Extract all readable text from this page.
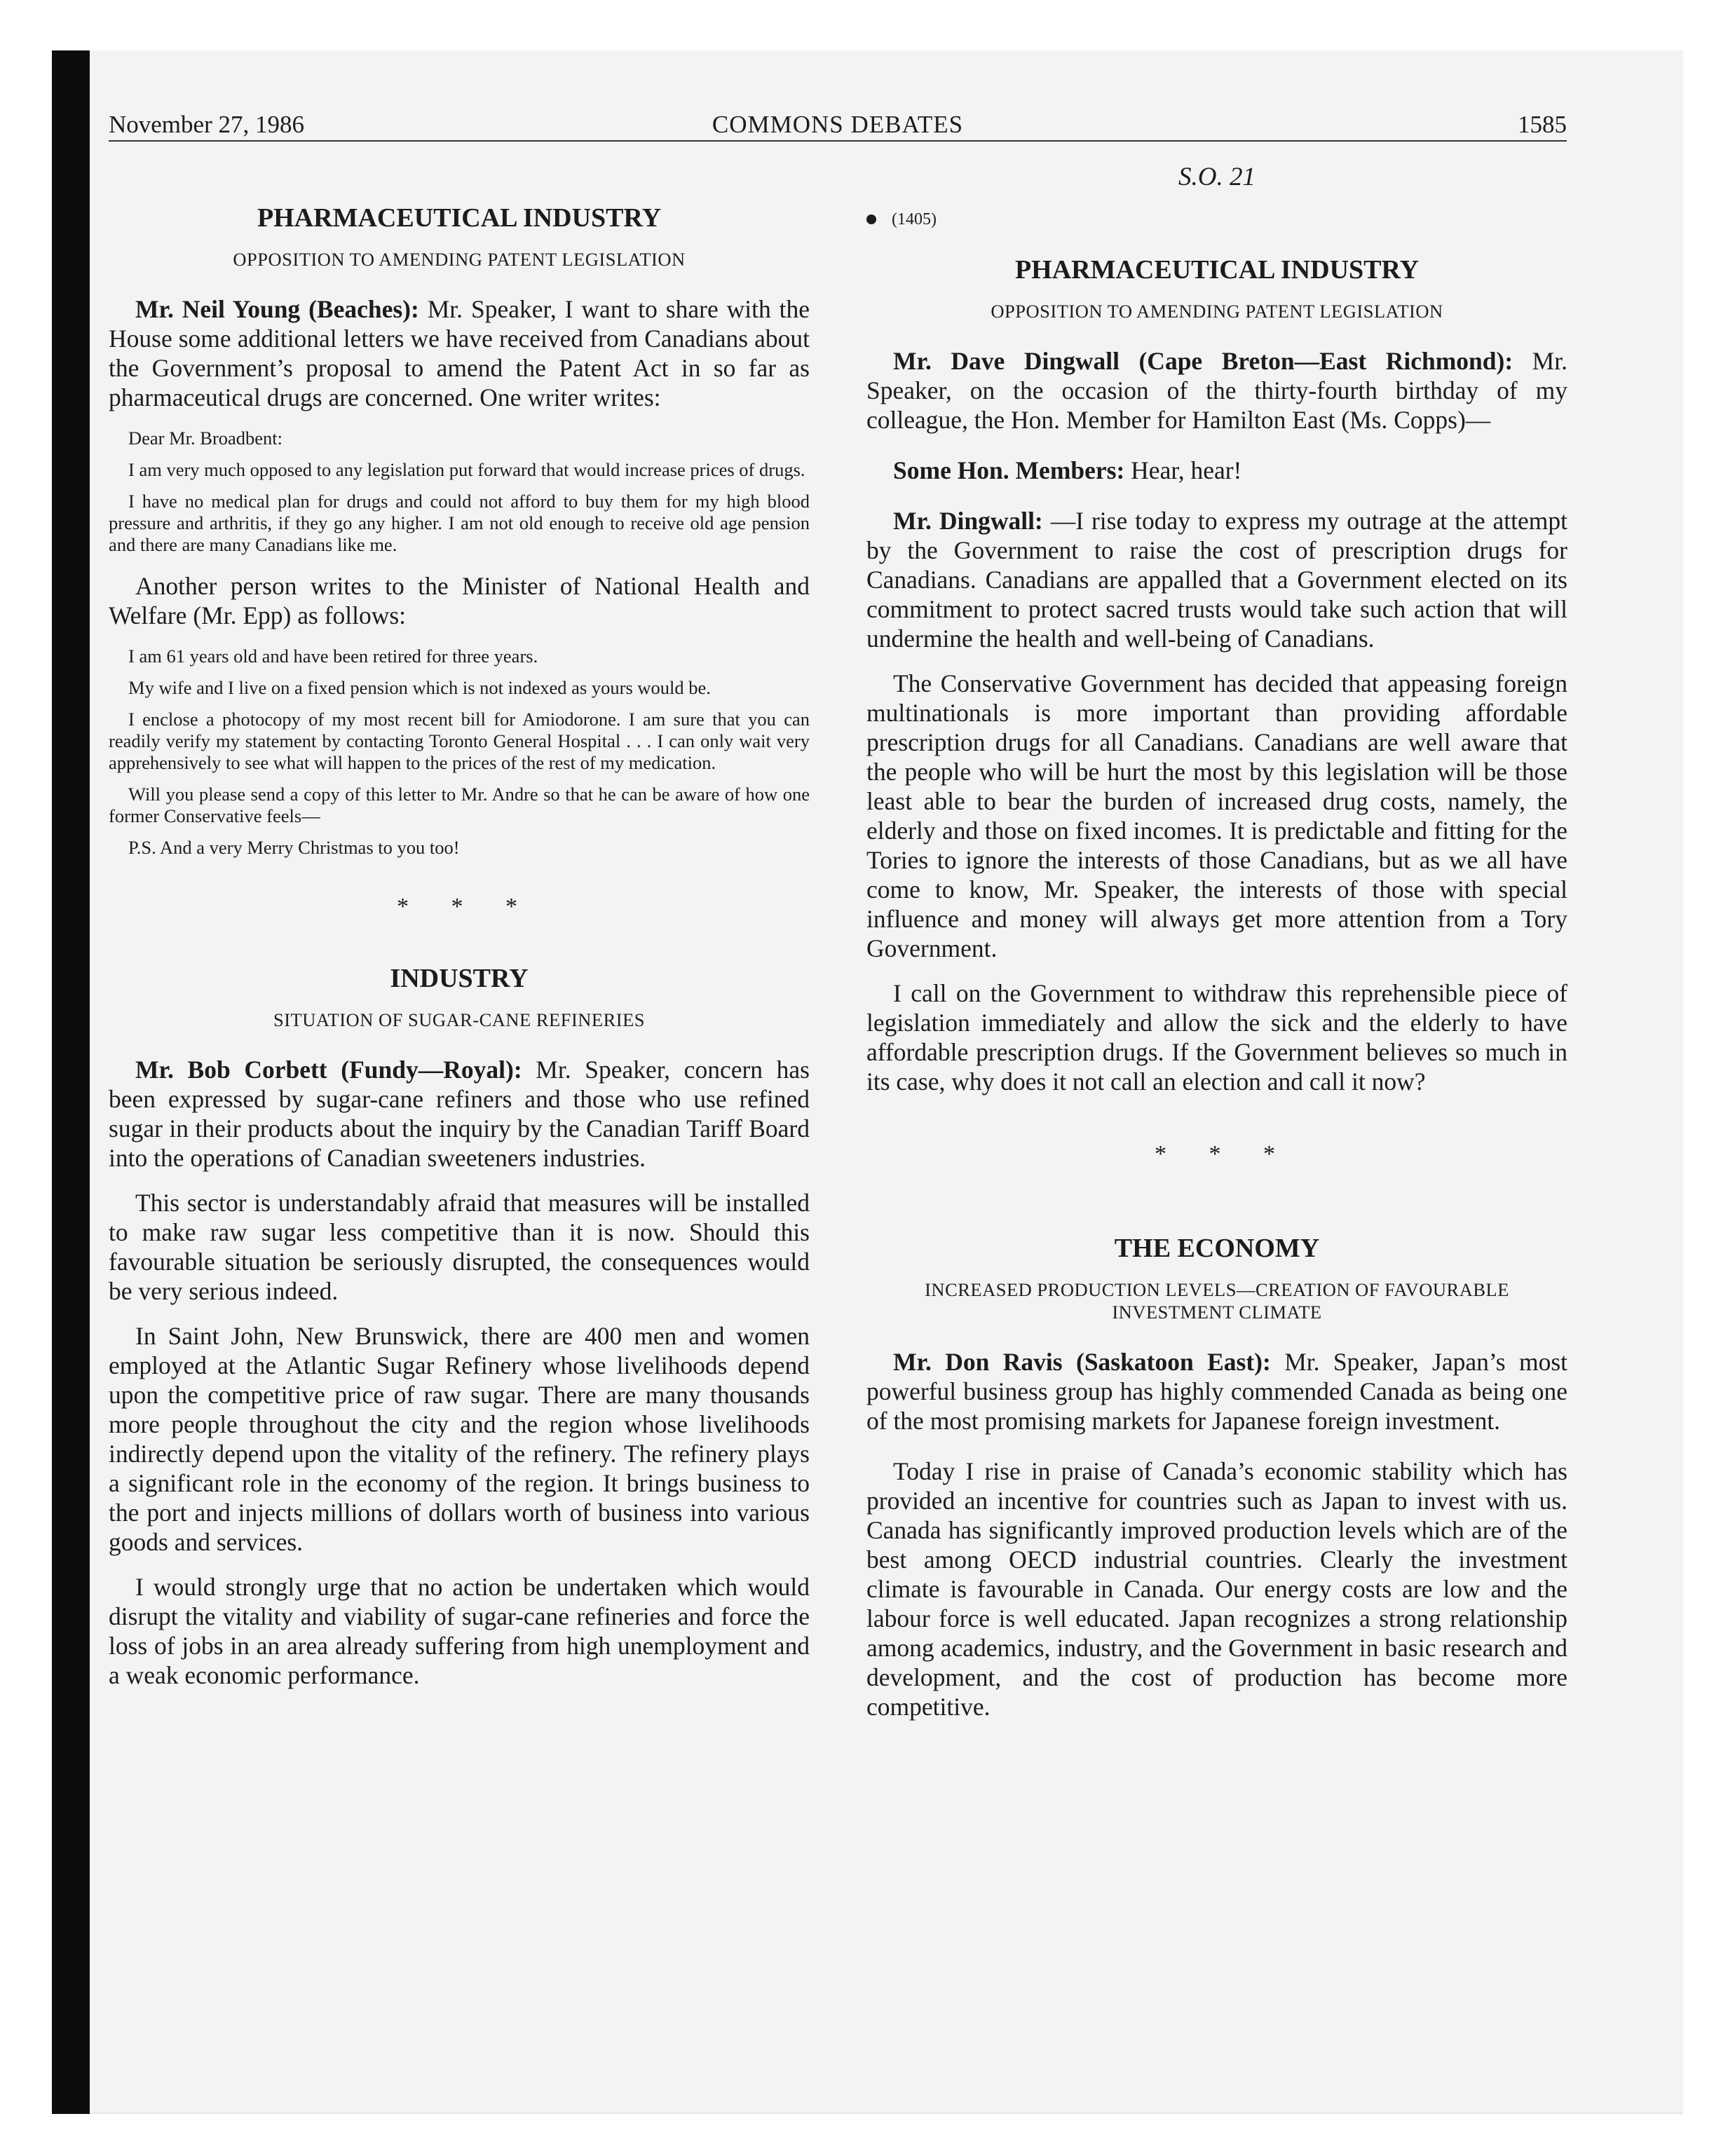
November 27, 1986	COMMONS DEBATES	1585
PHARMACEUTICAL INDUSTRY
OPPOSITION TO AMENDING PATENT LEGISLATION

Mr. Neil Young (Beaches): Mr. Speaker, I want to share with the House some additional letters we have received from Canadians about the Government’s proposal to amend the Patent Act in so far as pharmaceutical drugs are concerned. One writer writes:

Dear Mr. Broadbent:
I am very much opposed to any legislation put forward that would increase prices of drugs.
I have no medical plan for drugs and could not afford to buy them for my high blood pressure and arthritis, if they go any higher. I am not old enough to receive old age pension and there are many Canadians like me.

Another person writes to the Minister of National Health and Welfare (Mr. Epp) as follows:

I am 61 years old and have been retired for three years.
My wife and I live on a fixed pension which is not indexed as yours would be.
I enclose a photocopy of my most recent bill for Amiodorone. I am sure that you can readily verify my statement by contacting Toronto General Hospital . . . I can only wait very apprehensively to see what will happen to the prices of the rest of my medication.
Will you please send a copy of this letter to Mr. Andre so that he can be aware of how one former Conservative feels—
P.S. And a very Merry Christmas to you too!
* * *
INDUSTRY
SITUATION OF SUGAR-CANE REFINERIES

Mr. Bob Corbett (Fundy—Royal): Mr. Speaker, concern has been expressed by sugar-cane refiners and those who use refined sugar in their products about the inquiry by the Canadian Tariff Board into the operations of Canadian sweeteners industries.

This sector is understandably afraid that measures will be installed to make raw sugar less competitive than it is now. Should this favourable situation be seriously disrupted, the consequences would be very serious indeed.

In Saint John, New Brunswick, there are 400 men and women employed at the Atlantic Sugar Refinery whose livelihoods depend upon the competitive price of raw sugar. There are many thousands more people throughout the city and the region whose livelihoods indirectly depend upon the vitality of the refinery. The refinery plays a significant role in the economy of the region. It brings business to the port and injects millions of dollars worth of business into various goods and services.

I would strongly urge that no action be undertaken which would disrupt the vitality and viability of sugar-cane refineries and force the loss of jobs in an area already suffering from high unemployment and a weak economic performance.

S.O. 21
(1405)
PHARMACEUTICAL INDUSTRY
OPPOSITION TO AMENDING PATENT LEGISLATION

Mr. Dave Dingwall (Cape Breton—East Richmond): Mr. Speaker, on the occasion of the thirty-fourth birthday of my colleague, the Hon. Member for Hamilton East (Ms. Copps)—

Some Hon. Members: Hear, hear!

Mr. Dingwall: —I rise today to express my outrage at the attempt by the Government to raise the cost of prescription drugs for Canadians. Canadians are appalled that a Government elected on its commitment to protect sacred trusts would take such action that will undermine the health and well-being of Canadians.

The Conservative Government has decided that appeasing foreign multinationals is more important than providing affordable prescription drugs for all Canadians. Canadians are well aware that the people who will be hurt the most by this legislation will be those least able to bear the burden of increased drug costs, namely, the elderly and those on fixed incomes. It is predictable and fitting for the Tories to ignore the interests of those Canadians, but as we all have come to know, Mr. Speaker, the interests of those with special influence and money will always get more attention from a Tory Government.

I call on the Government to withdraw this reprehensible piece of legislation immediately and allow the sick and the elderly to have affordable prescription drugs. If the Government believes so much in its case, why does it not call an election and call it now?

* * *
THE ECONOMY
INCREASED PRODUCTION LEVELS—CREATION OF FAVOURABLE INVESTMENT CLIMATE

Mr. Don Ravis (Saskatoon East): Mr. Speaker, Japan’s most powerful business group has highly commended Canada as being one of the most promising markets for Japanese foreign investment.

Today I rise in praise of Canada’s economic stability which has provided an incentive for countries such as Japan to invest with us. Canada has significantly improved production levels which are of the best among OECD industrial countries. Clearly the investment climate is favourable in Canada. Our energy costs are low and the labour force is well educated. Japan recognizes a strong relationship among academics, industry, and the Government in basic research and development, and the cost of production has become more competitive.
